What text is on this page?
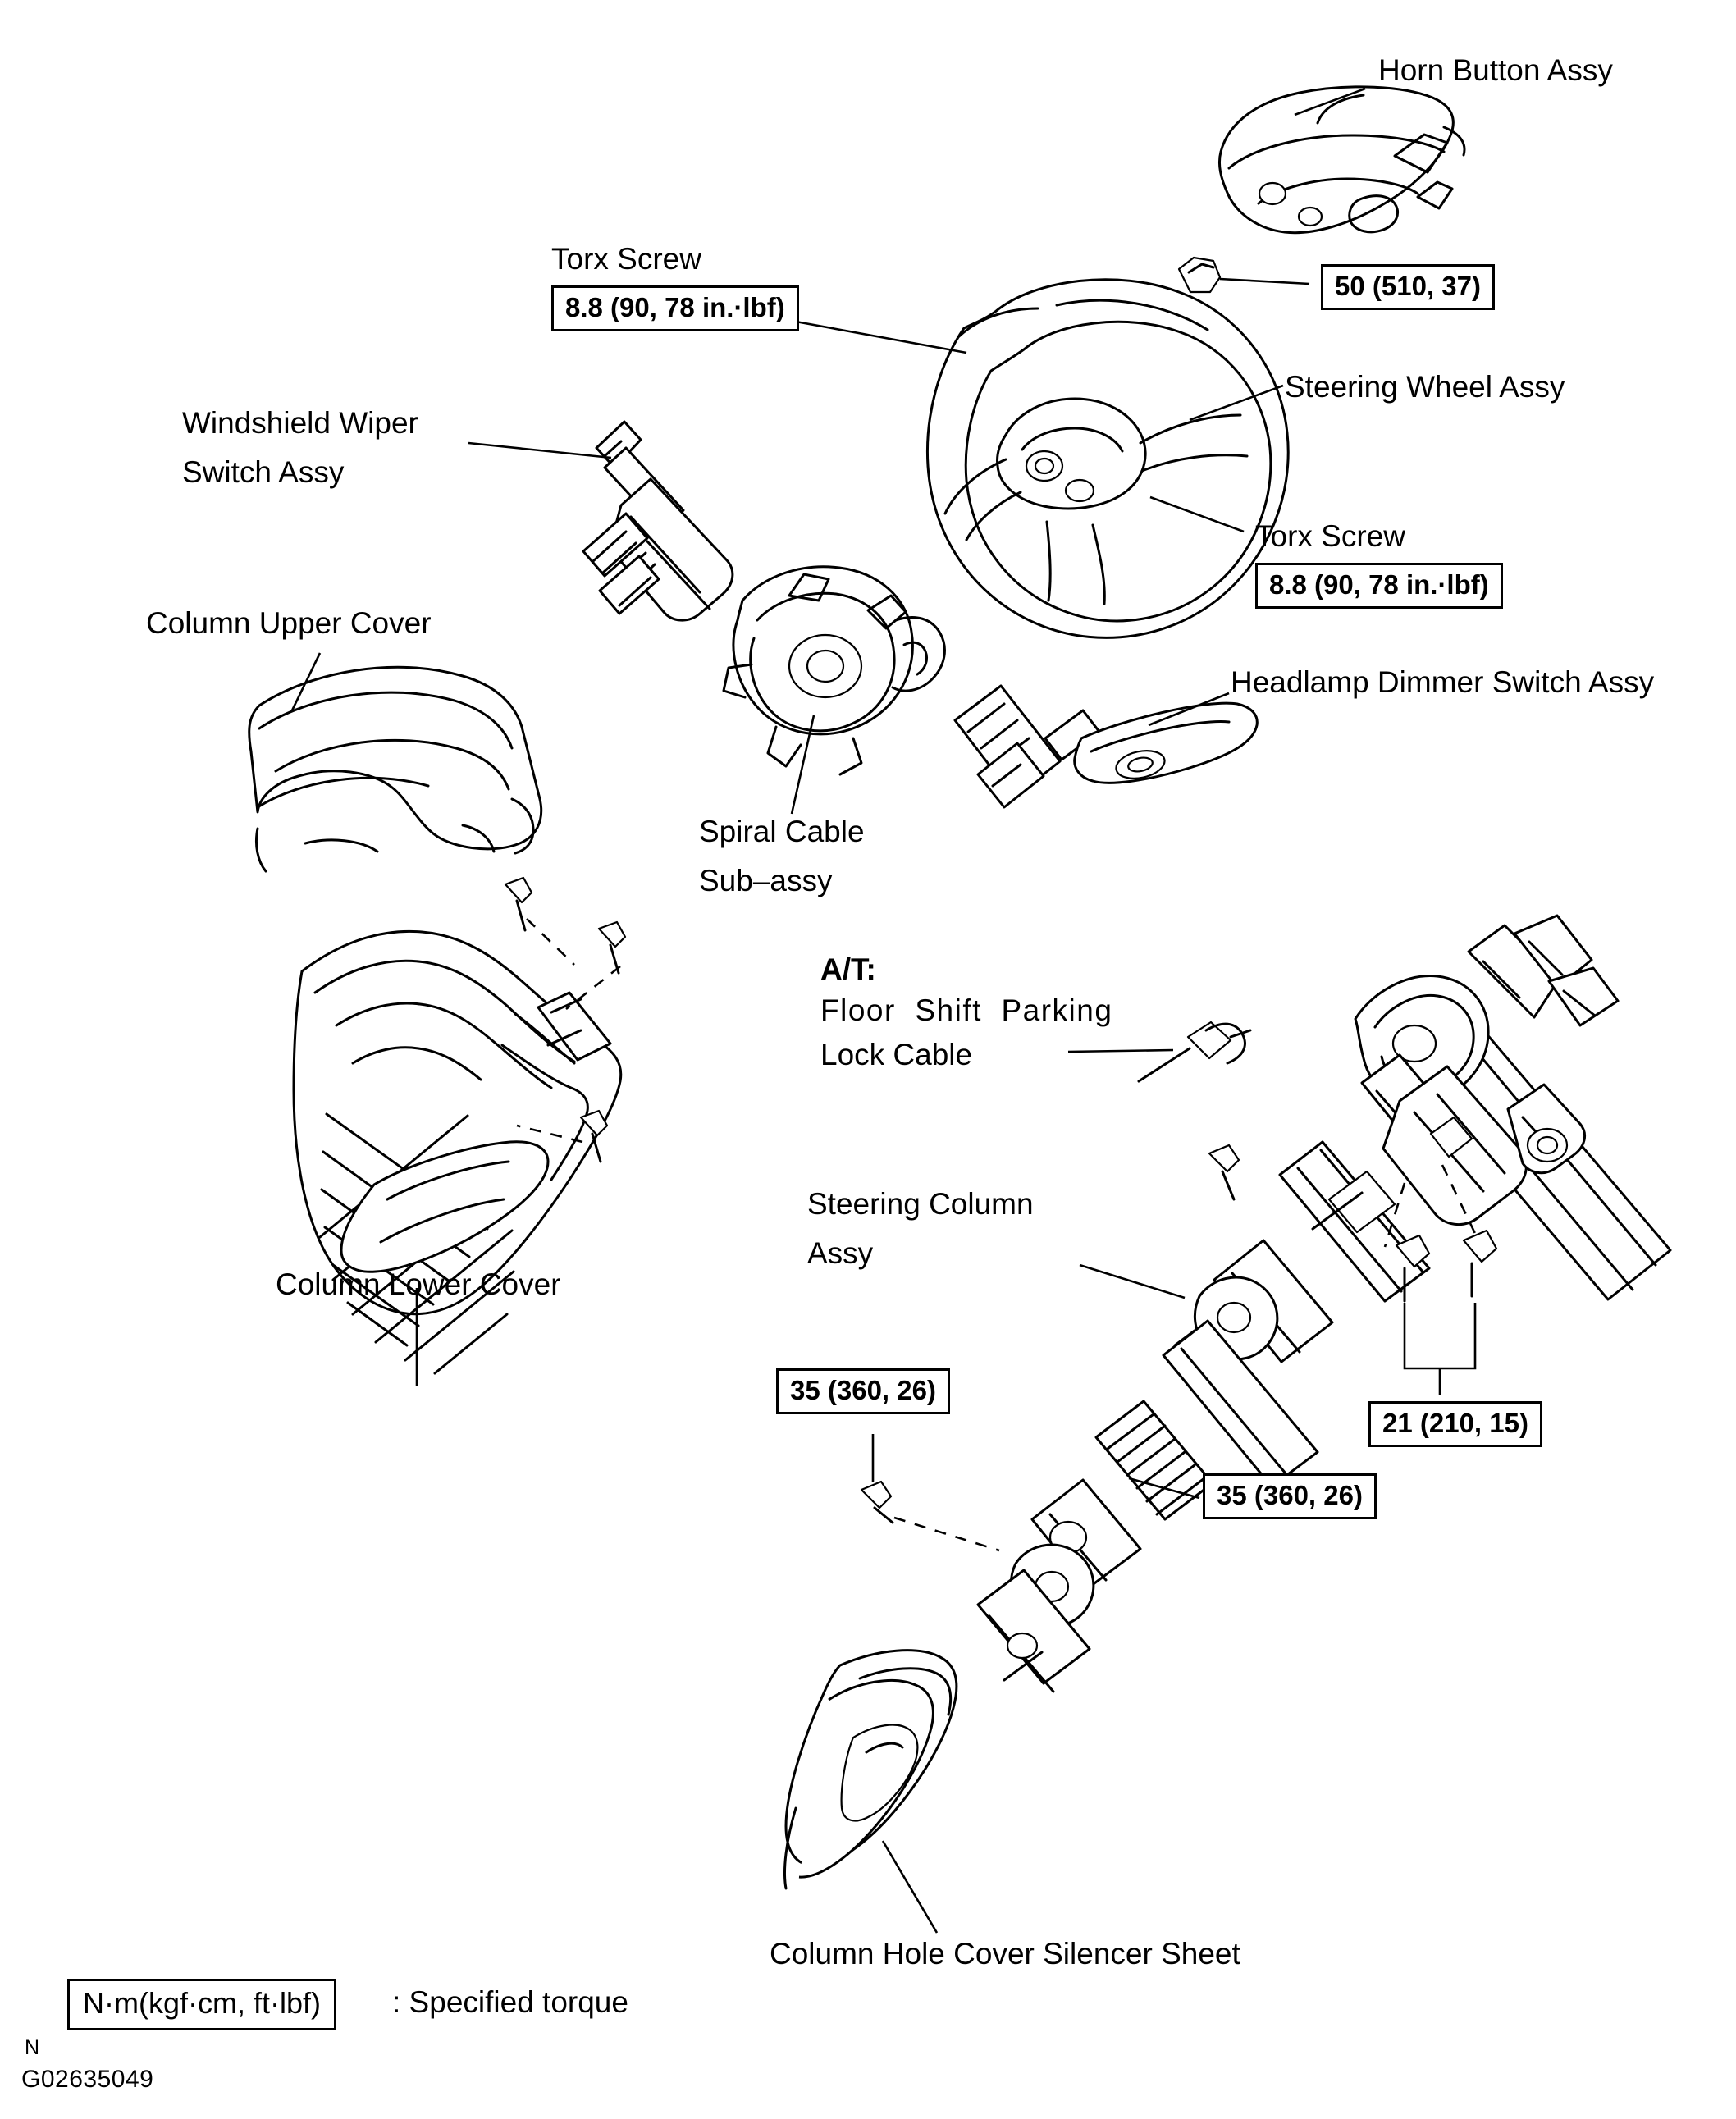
Horn Button Assy
Torx Screw
8.8 (90, 78 in.·lbf)
50 (510, 37)
Steering Wheel Assy
Torx Screw
8.8 (90, 78 in.·lbf)
Windshield Wiper
Switch Assy
Column Upper Cover
Spiral Cable
Sub–assy
Headlamp Dimmer Switch Assy
Column Lower Cover
A/T:
Floor  Shift  Parking
Lock Cable
Steering Column
Assy
35 (360, 26)
35 (360, 26)
21 (210, 15)
Column Hole Cover Silencer Sheet
N·m(kgf·cm, ft·lbf)	: Specified torque
N
G02635049
